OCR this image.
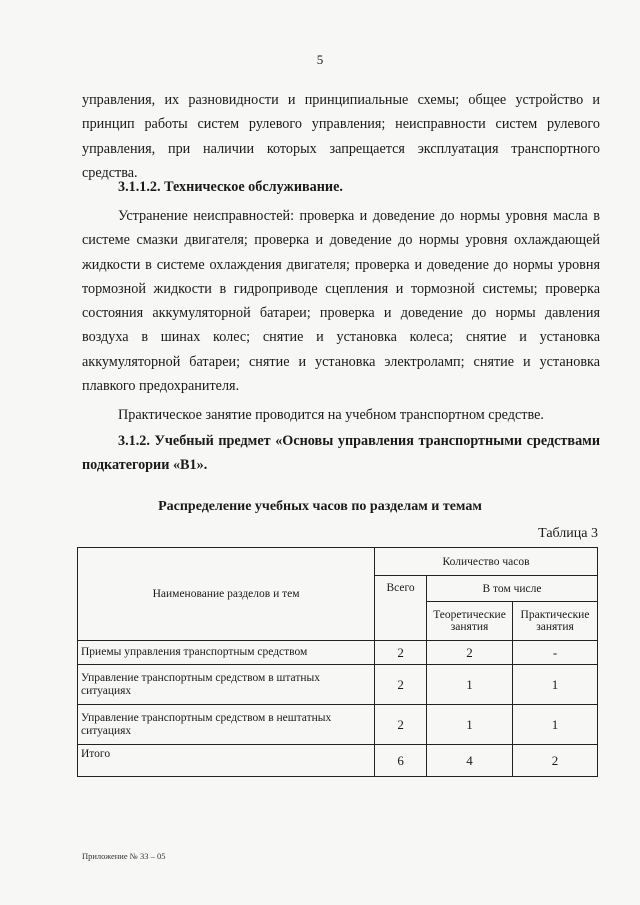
5
управления, их разновидности и принципиальные схемы; общее устройство и принцип работы систем рулевого управления; неисправности систем рулевого управления, при наличии которых запрещается эксплуатация транспортного средства.
3.1.1.2. Техническое обслуживание.
Устранение неисправностей: проверка и доведение до нормы уровня масла в системе смазки двигателя; проверка и доведение до нормы уровня охлаждающей жидкости в системе охлаждения двигателя; проверка и доведение до нормы уровня тормозной жидкости в гидроприводе сцепления и тормозной системы; проверка состояния аккумуляторной батареи; проверка и доведение до нормы давления воздуха в шинах колес; снятие и установка колеса; снятие и установка аккумуляторной батареи; снятие и установка электроламп; снятие и установка плавкого предохранителя.
Практическое занятие проводится на учебном транспортном средстве.
3.1.2. Учебный предмет «Основы управления транспортными средствами подкатегории «В1».
Распределение учебных часов по разделам и темам
Таблица 3
Наименование разделов и тем	Количество часов		
	Всего	В том числе	
		Теоретические занятия	Практические занятия
Приемы управления транспортным средством	2	2	-
Управление транспортным средством в штатных ситуациях	2	1	1
Управление транспортным средством в нештатных ситуациях	2	1	1
Итого	6	4	2
Приложение № 33 – 05
